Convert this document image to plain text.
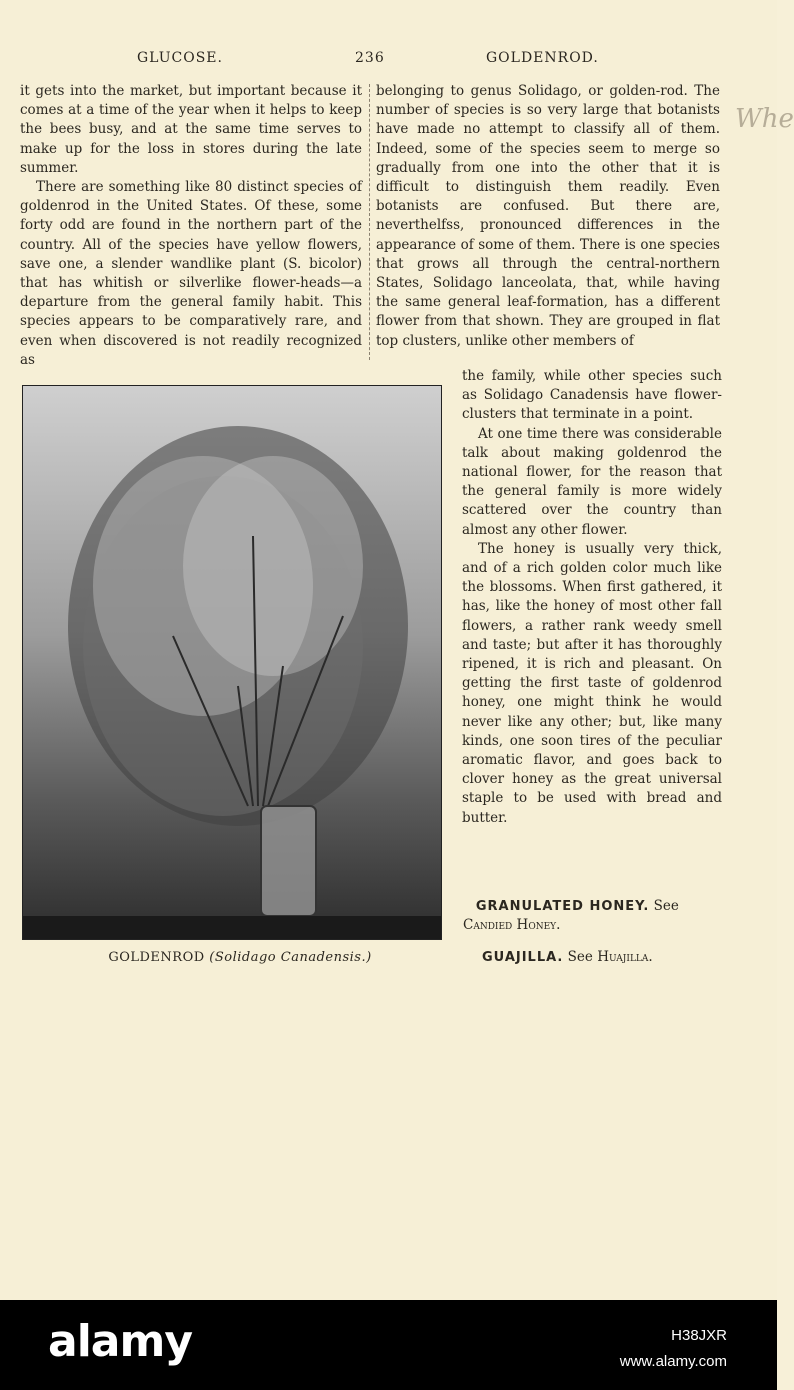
GLUCOSE.	236	GOLDENROD.

it gets into the market, but important because it comes at a time of the year when it helps to keep the bees busy, and at the same time serves to make up for the loss in stores during the late summer.

There are something like 80 distinct species of goldenrod in the United States. Of these, some forty odd are found in the northern part of the country. All of the species have yellow flowers, save one, a slender wandlike plant (S. bicolor) that has whitish or silverlike flower-heads—a departure from the general family habit. This species appears to be comparatively rare, and even when discovered is not readily recognized as

belonging to genus Solidago, or golden-rod. The number of species is so very large that botanists have made no attempt to classify all of them. Indeed, some of the species seem to merge so gradually from one into the other that it is difficult to distinguish them readily. Even botanists are confused. But there are, neverthelfss, pronounced differences in the appearance of some of them. There is one species that grows all through the central-northern States, Solidago lanceolata, that, while having the same general leaf-formation, has a different flower from that shown. They are grouped in flat top clusters, unlike other members of

GOLDENROD (Solidago Canadensis.)

the family, while other species such as Solidago Canadensis have flower-clusters that terminate in a point.

At one time there was considerable talk about making goldenrod the national flower, for the reason that the general family is more widely scattered over the country than almost any other flower.

The honey is usually very thick, and of a rich golden color much like the blossoms. When first gathered, it has, like the honey of most other fall flowers, a rather rank weedy smell and taste; but after it has thoroughly ripened, it is rich and pleasant. On getting the first taste of goldenrod honey, one might think he would never like any other; but, like many kinds, one soon tires of the peculiar aromatic flavor, and goes back to clover honey as the great universal staple to be used with bread and butter.

GRANULATED HONEY. See
Candied Honey.
GUAJILLA. See Huajilla.
Whe
alamy	H38JXR
www.alamy.com
